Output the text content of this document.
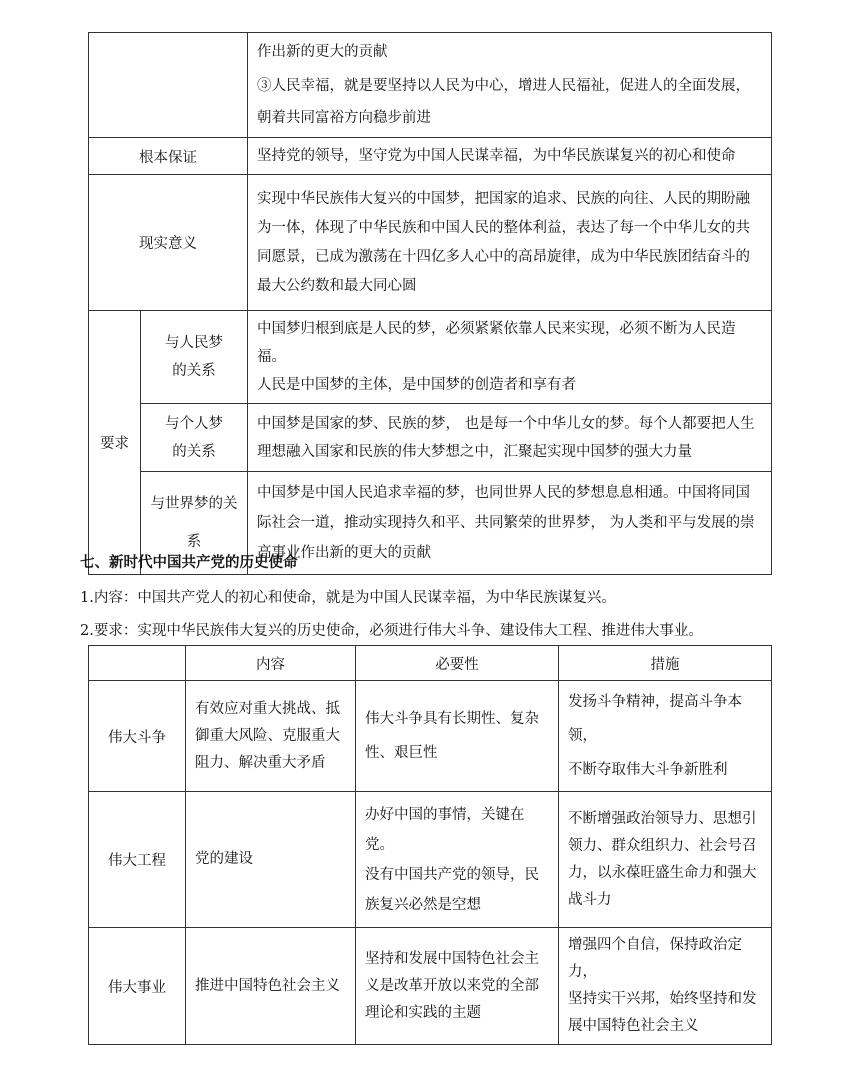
		作出新的更大的贡献
③人民幸福，就是要坚持以人民为中心，增进人民福祉，促进人的全面发展，
朝着共同富裕方向稳步前进

根本保证		坚持党的领导，坚守党为中国人民谋幸福，为中华民族谋复兴的初心和使命

现实意义		实现中华民族伟大复兴的中国梦，把国家的追求、民族的向往、人民的期盼融
为一体，体现了中华民族和中国人民的整体利益，表达了每一个中华儿女的共
同愿景，已成为激荡在十四亿多人心中的高昂旋律，成为中华民族团结奋斗的
最大公约数和最大同心圆

要求	与人民梦
的关系	中国梦归根到底是人民的梦，必须紧紧依靠人民来实现，必须不断为人民造福。
人民是中国梦的主体，是中国梦的创造者和享有者

	与个人梦
的关系	中国梦是国家的梦、民族的梦， 也是每一个中华儿女的梦。每个人都要把人生
理想融入国家和民族的伟大梦想之中，汇聚起实现中国梦的强大力量

	与世界梦的关
系	中国梦是中国人民追求幸福的梦，也同世界人民的梦想息息相通。中国将同国
际社会一道，推动实现持久和平、共同繁荣的世界梦， 为人类和平与发展的崇
高事业作出新的更大的贡献
七、新时代中国共产党的历史使命
1.内容：中国共产党人的初心和使命，就是为中国人民谋幸福，为中华民族谋复兴。
2.要求：实现中华民族伟大复兴的历史使命，必须进行伟大斗争、建设伟大工程、推进伟大事业。
	内容	必要性	措施
伟大斗争	有效应对重大挑战、抵
御重大风险、克服重大
阻力、解决重大矛盾	伟大斗争具有长期性、复杂
性、艰巨性	发扬斗争精神，提高斗争本领，
不断夺取伟大斗争新胜利

伟大工程	党的建设	办好中国的事情，关键在党。
没有中国共产党的领导，民
族复兴必然是空想	不断增强政治领导力、思想引
领力、群众组织力、社会号召
力，以永葆旺盛生命力和强大
战斗力

伟大事业	推进中国特色社会主义	坚持和发展中国特色社会主
义是改革开放以来党的全部
理论和实践的主题	增强四个自信，保持政治定力，
坚持实干兴邦，始终坚持和发
展中国特色社会主义
